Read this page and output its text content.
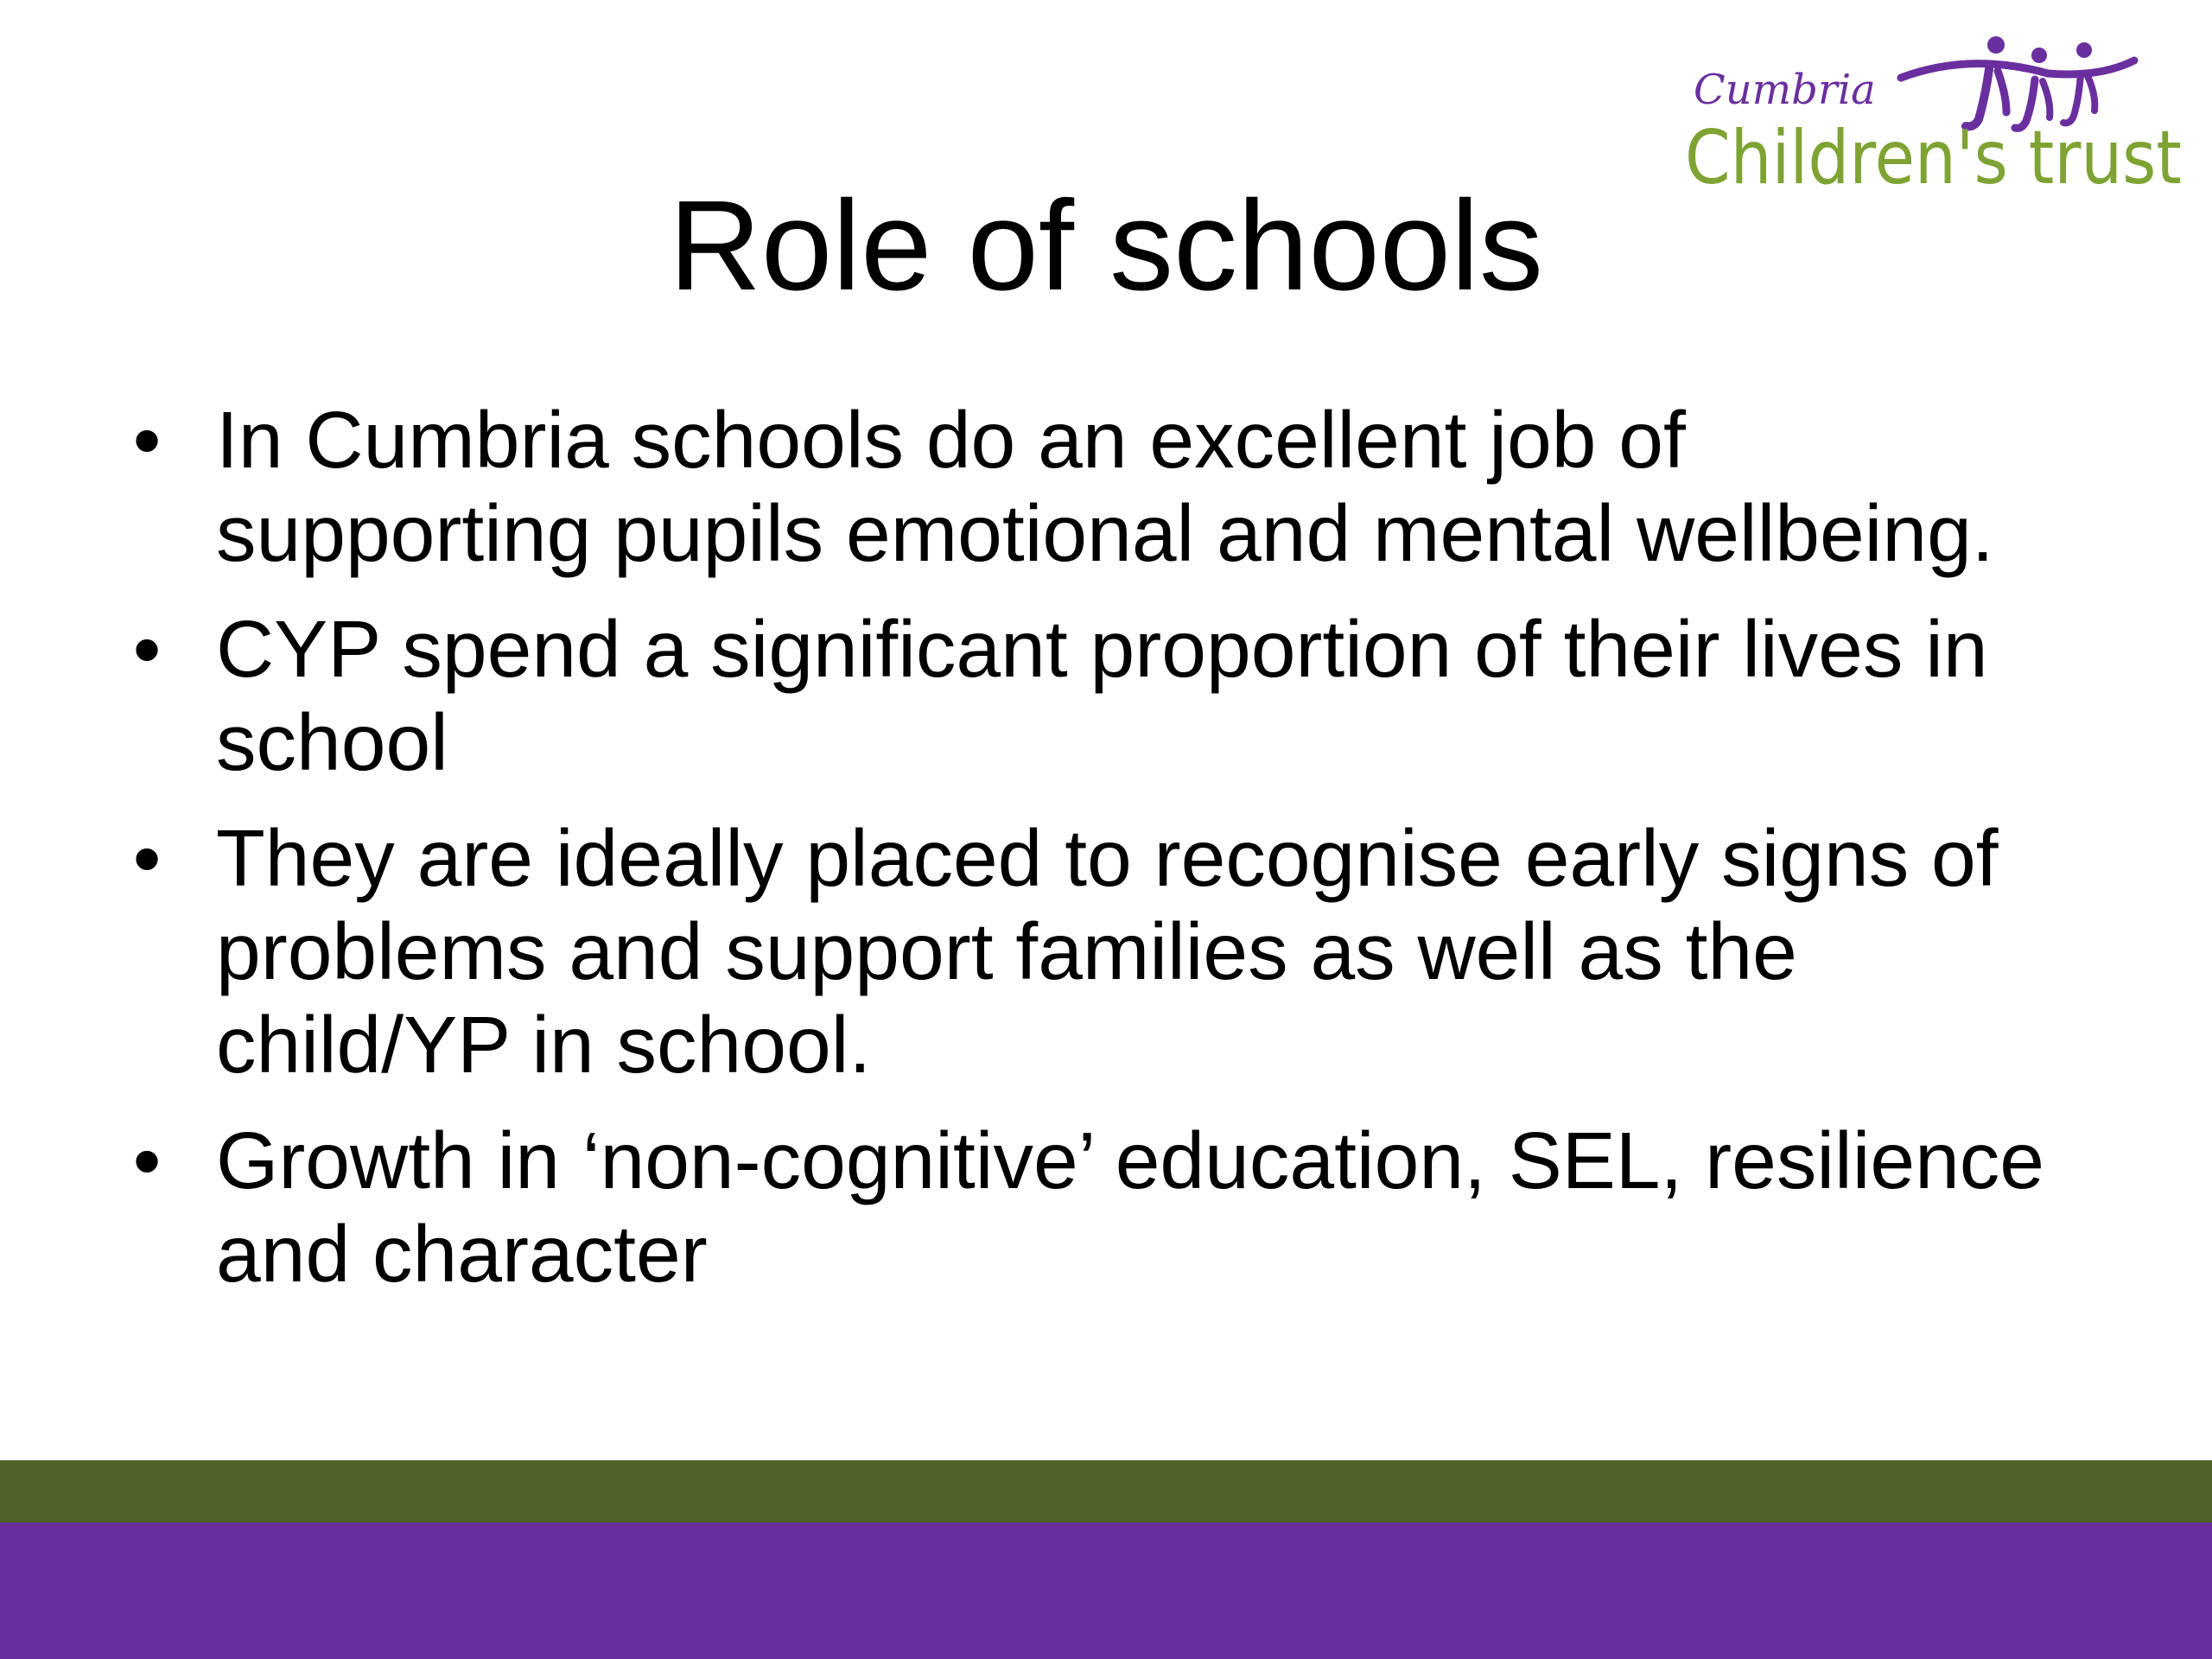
Cumbria
Children's trust
Role of schools
• In Cumbria schools do an excellent job of supporting pupils emotional and mental wellbeing.
• CYP spend a significant proportion of their lives in school
• They are ideally placed to recognise early signs of problems and support families as well as the child/YP in school.
• Growth in ‘non-cognitive’ education, SEL, resilience and character
